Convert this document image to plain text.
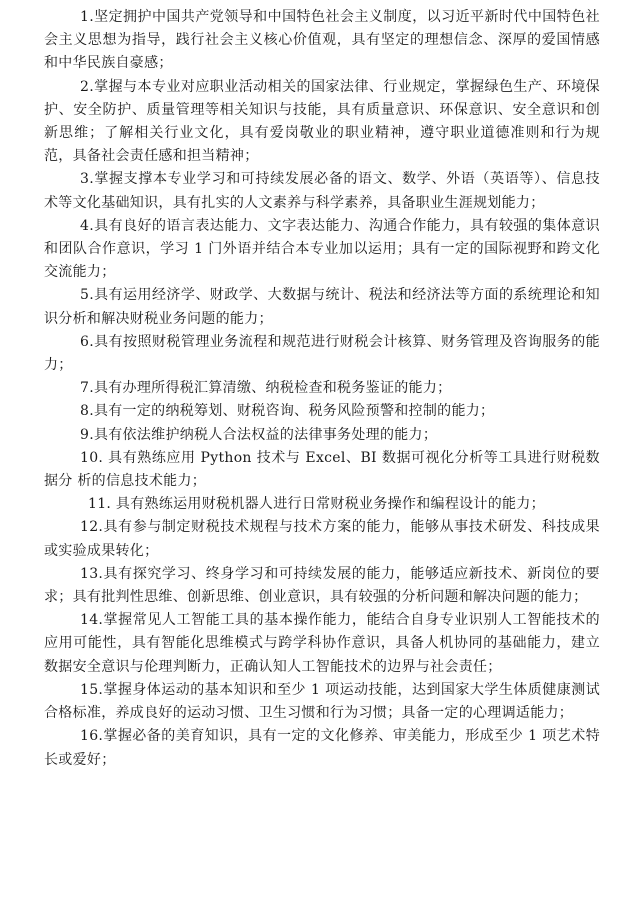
1.坚定拥护中国共产党领导和中国特色社会主义制度，以习近平新时代中国特色社会主义思想为指导，践行社会主义核心价值观，具有坚定的理想信念、深厚的爱国情感和中华民族自豪感；

2.掌握与本专业对应职业活动相关的国家法律、行业规定，掌握绿色生产、环境保护、安全防护、质量管理等相关知识与技能，具有质量意识、环保意识、安全意识和创新思维；了解相关行业文化，具有爱岗敬业的职业精神，遵守职业道德准则和行为规范，具备社会责任感和担当精神；

3.掌握支撑本专业学习和可持续发展必备的语文、数学、外语（英语等）、信息技术等文化基础知识，具有扎实的人文素养与科学素养，具备职业生涯规划能力；

4.具有良好的语言表达能力、文字表达能力、沟通合作能力，具有较强的集体意识和团队合作意识，学习 1 门外语并结合本专业加以运用；具有一定的国际视野和跨文化交流能力；

5.具有运用经济学、财政学、大数据与统计、税法和经济法等方面的系统理论和知识分析和解决财税业务问题的能力；

6.具有按照财税管理业务流程和规范进行财税会计核算、财务管理及咨询服务的能力；

7.具有办理所得税汇算清缴、纳税检查和税务鉴证的能力；

8.具有一定的纳税筹划、财税咨询、税务风险预警和控制的能力；

9.具有依法维护纳税人合法权益的法律事务处理的能力；

10. 具有熟练应用 Python 技术与 Excel、BI 数据可视化分析等工具进行财税数据分 析的信息技术能力；

11. 具有熟练运用财税机器人进行日常财税业务操作和编程设计的能力；

12.具有参与制定财税技术规程与技术方案的能力，能够从事技术研发、科技成果或实验成果转化；

13.具有探究学习、终身学习和可持续发展的能力，能够适应新技术、新岗位的要求；具有批判性思维、创新思维、创业意识，具有较强的分析问题和解决问题的能力；

14.掌握常见人工智能工具的基本操作能力，能结合自身专业识别人工智能技术的应用可能性，具有智能化思维模式与跨学科协作意识，具备人机协同的基础能力，建立数据安全意识与伦理判断力，正确认知人工智能技术的边界与社会责任；

15.掌握身体运动的基本知识和至少 1 项运动技能，达到国家大学生体质健康测试合格标准，养成良好的运动习惯、卫生习惯和行为习惯；具备一定的心理调适能力；

16.掌握必备的美育知识，具有一定的文化修养、审美能力，形成至少 1 项艺术特长或爱好；
